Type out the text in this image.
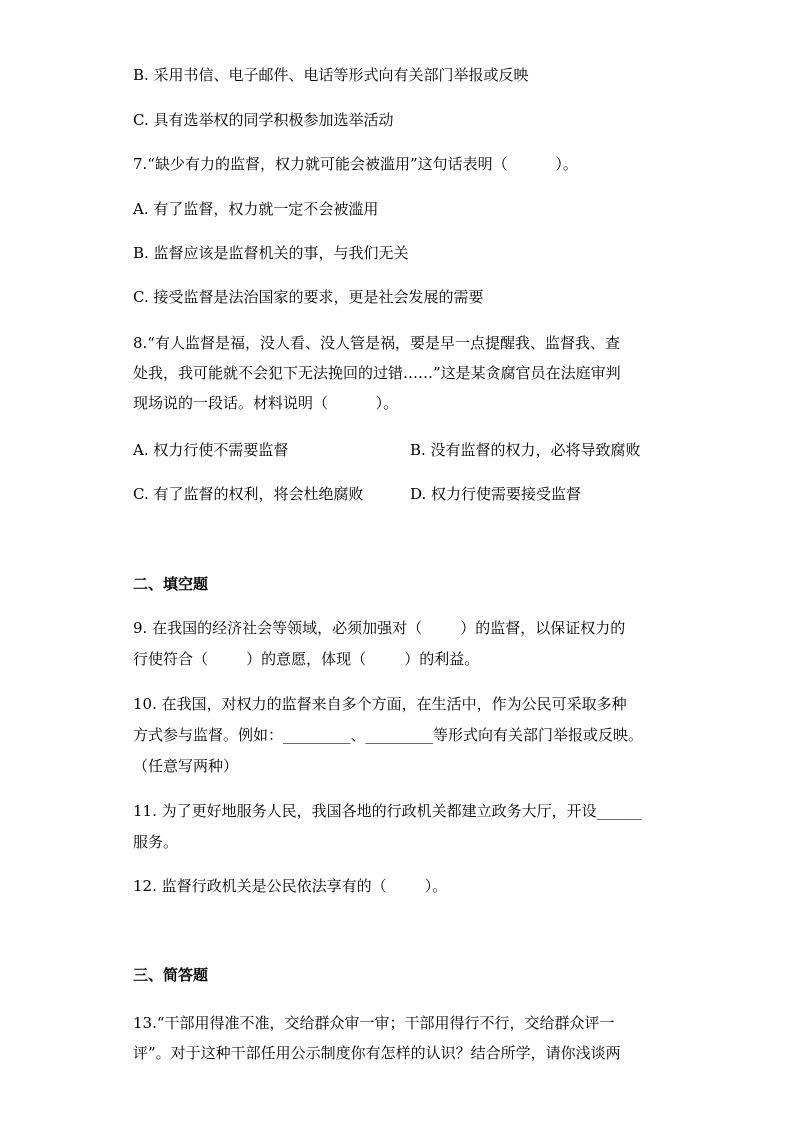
B. 采用书信、电子邮件、电话等形式向有关部门举报或反映
C. 具有选举权的同学积极参加选举活动
7.“缺少有力的监督，权力就可能会被滥用”这句话表明（          ）。
A. 有了监督，权力就一定不会被滥用
B. 监督应该是监督机关的事，与我们无关
C. 接受监督是法治国家的要求，更是社会发展的需要
8.“有人监督是福，没人看、没人管是祸，要是早一点提醒我、监督我、查
处我，我可能就不会犯下无法挽回的过错……”这是某贪腐官员在法庭审判
现场说的一段话。材料说明（          ）。
A. 权力行使不需要监督	B. 没有监督的权力，必将导致腐败
C. 有了监督的权利，将会杜绝腐败	D. 权力行使需要接受监督
二、填空题
9. 在我国的经济社会等领域，必须加强对（        ）的监督，以保证权力的
行使符合（        ）的意愿，体现（        ）的利益。
10. 在我国，对权力的监督来自多个方面，在生活中，作为公民可采取多种
方式参与监督。例如：_________、_________等形式向有关部门举报或反映。
（任意写两种）
11. 为了更好地服务人民，我国各地的行政机关都建立政务大厅，开设______
服务。
12. 监督行政机关是公民依法享有的（        ）。
三、简答题
13.“干部用得准不准，交给群众审一审；干部用得行不行，交给群众评一
评”。对于这种干部任用公示制度你有怎样的认识？结合所学，请你浅谈两
